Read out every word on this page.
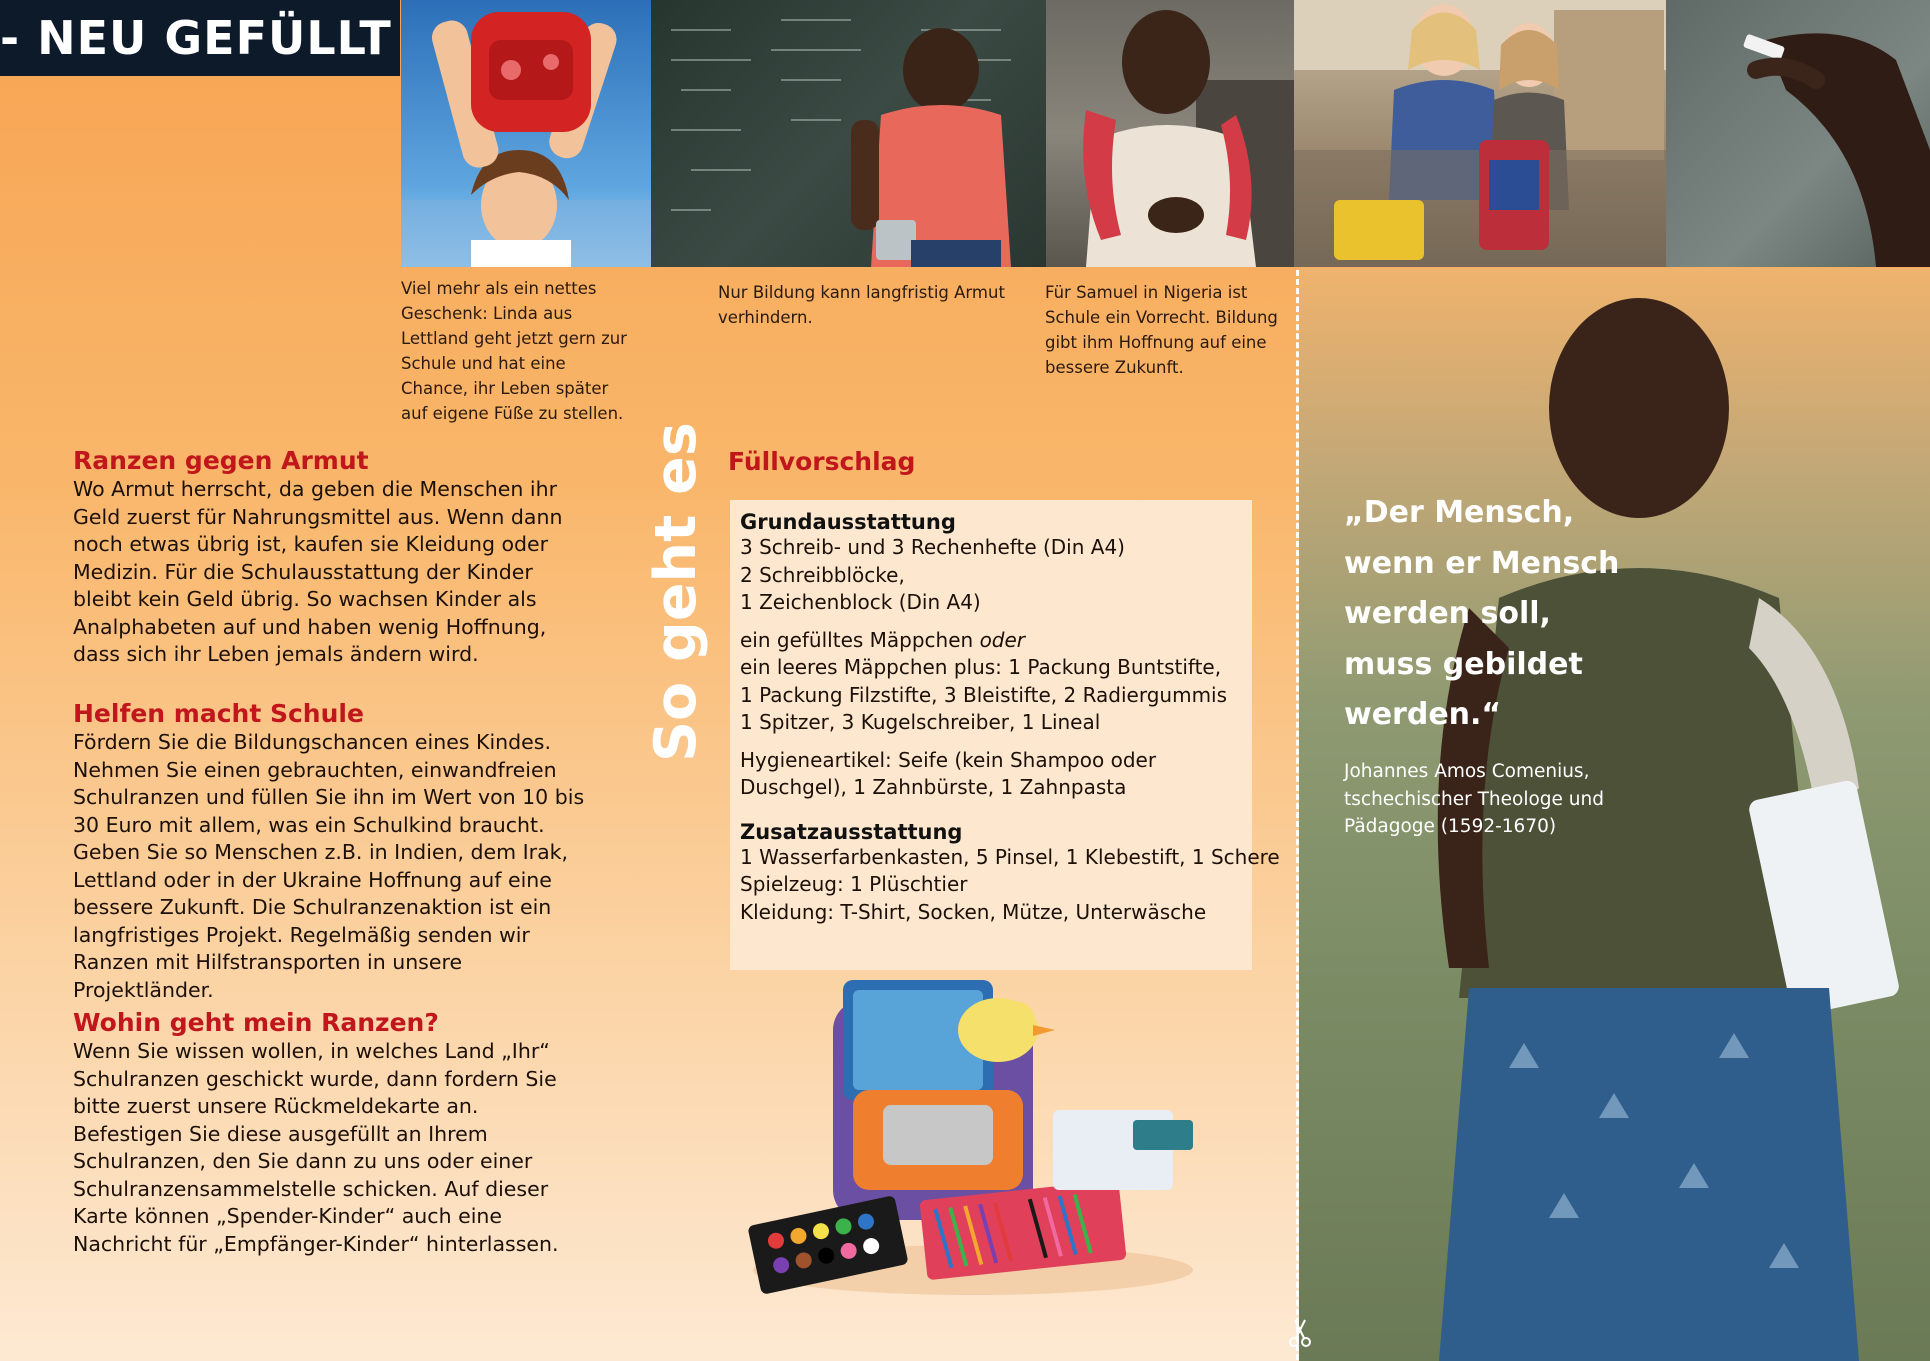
- NEU GEFÜLLT
Viel mehr als ein nettes Geschenk: Linda aus Lettland geht jetzt gern zur Schule und hat eine Chance, ihr Leben später auf eigene Füße zu stellen.
Nur Bildung kann langfristig Armut verhindern.
Für Samuel in Nigeria ist Schule ein Vorrecht. Bildung gibt ihm Hoffnung auf eine bessere Zukunft.
Ranzen gegen Armut
Wo Armut herrscht, da geben die Menschen ihr Geld zuerst für Nahrungsmittel aus. Wenn dann noch etwas übrig ist, kaufen sie Kleidung oder Medizin. Für die Schulausstattung der Kinder bleibt kein Geld übrig. So wachsen Kinder als Analphabeten auf und haben wenig Hoffnung, dass sich ihr Leben jemals ändern wird.
Helfen macht Schule
Fördern Sie die Bildungschancen eines Kindes. Nehmen Sie einen gebrauchten, einwandfreien Schulranzen und füllen Sie ihn im Wert von 10 bis 30 Euro mit allem, was ein Schulkind braucht. Geben Sie so Menschen z.B. in Indien, dem Irak, Lettland oder in der Ukraine Hoffnung auf eine bessere Zukunft. Die Schulranzenaktion ist ein langfristiges Projekt. Regelmäßig senden wir Ranzen mit Hilfstransporten in unsere Projektländer.
Wohin geht mein Ranzen?
Wenn Sie wissen wollen, in welches Land „Ihr“ Schulranzen geschickt wurde, dann fordern Sie bitte zuerst unsere Rückmeldekarte an. Befestigen Sie diese ausgefüllt an Ihrem Schulranzen, den Sie dann zu uns oder einer Schulranzensammelstelle schicken. Auf dieser Karte können „Spender-Kinder“ auch eine Nachricht für „Empfänger-Kinder“ hinterlassen.
So geht es Füllvorschlag
Grundausstattung
3 Schreib- und 3 Rechenhefte (Din A4)
2 Schreibblöcke,
1 Zeichenblock (Din A4)
ein gefülltes Mäppchen oder
ein leeres Mäppchen plus: 1 Packung Buntstifte,
1 Packung Filzstifte, 3 Bleistifte, 2 Radiergummis
1 Spitzer, 3 Kugelschreiber, 1 Lineal
Hygieneartikel: Seife (kein Shampoo oder
Duschgel), 1 Zahnbürste, 1 Zahnpasta
Zusatzausstattung
1 Wasserfarbenkasten, 5 Pinsel, 1 Klebestift, 1 Schere
Spielzeug: 1 Plüschtier
Kleidung: T-Shirt, Socken, Mütze, Unterwäsche
„Der Mensch,
wenn er Mensch
werden soll,
muss gebildet
werden.“
Johannes Amos Comenius,
tschechischer Theologe und
Pädagoge (1592-1670)
